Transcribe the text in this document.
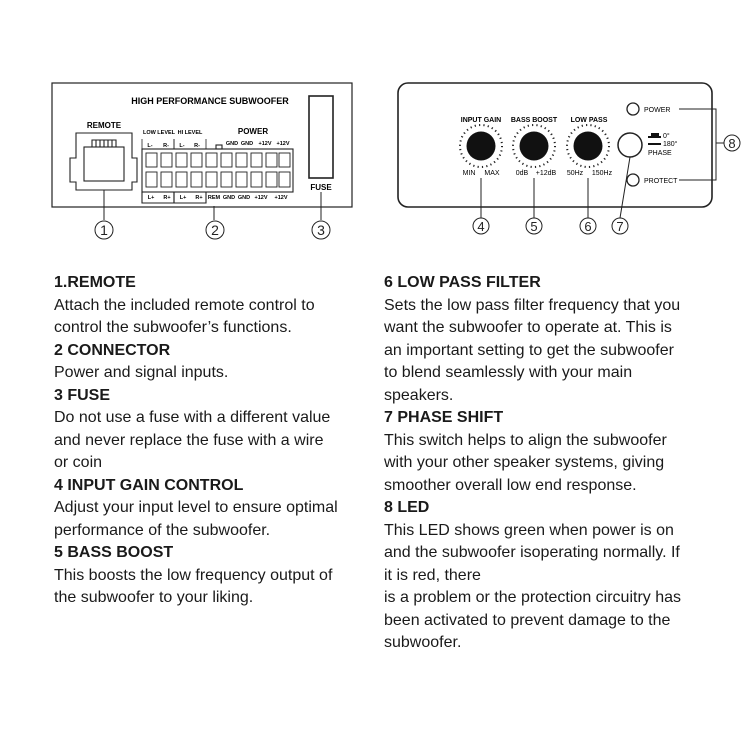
HIGH PERFORMANCE SUBWOOFER
REMOTE
LOW LEVEL HI LEVEL	POWER
L- R- L- R-	GND GND +12V +12V
L+ R+ L+ R+ REM GND GND +12V +12V
FUSE
1	2	3
INPUT GAIN
MIN MAX
BASS BOOST
0dB +12dB
LOW PASS
50Hz 150Hz
0°
180°
PHASE
POWER
PROTECT
4	5	6 7
8

1.REMOTE

Attach the included remote control to

control the subwoofer’s functions.

2 CONNECTOR

Power and signal inputs.

3 FUSE

Do not use a fuse with a different value

and never replace the fuse with a wire

or coin

4 INPUT GAIN CONTROL

Adjust your input level to ensure optimal

performance of the subwoofer.

5 BASS BOOST

This boosts the low frequency output of

the subwoofer to your liking.

6 LOW PASS FILTER

Sets the low pass filter frequency that you

want the subwoofer to operate at. This is

an important setting to get the subwoofer

to blend seamlessly with your main

speakers.

7 PHASE SHIFT

This switch helps to align the subwoofer

with your other speaker systems, giving

smoother overall low end response.

8 LED

This LED shows green when power is on

and the subwoofer isoperating normally. If

it is red, there

is a problem or the protection circuitry has

been activated to prevent damage to the

subwoofer.
